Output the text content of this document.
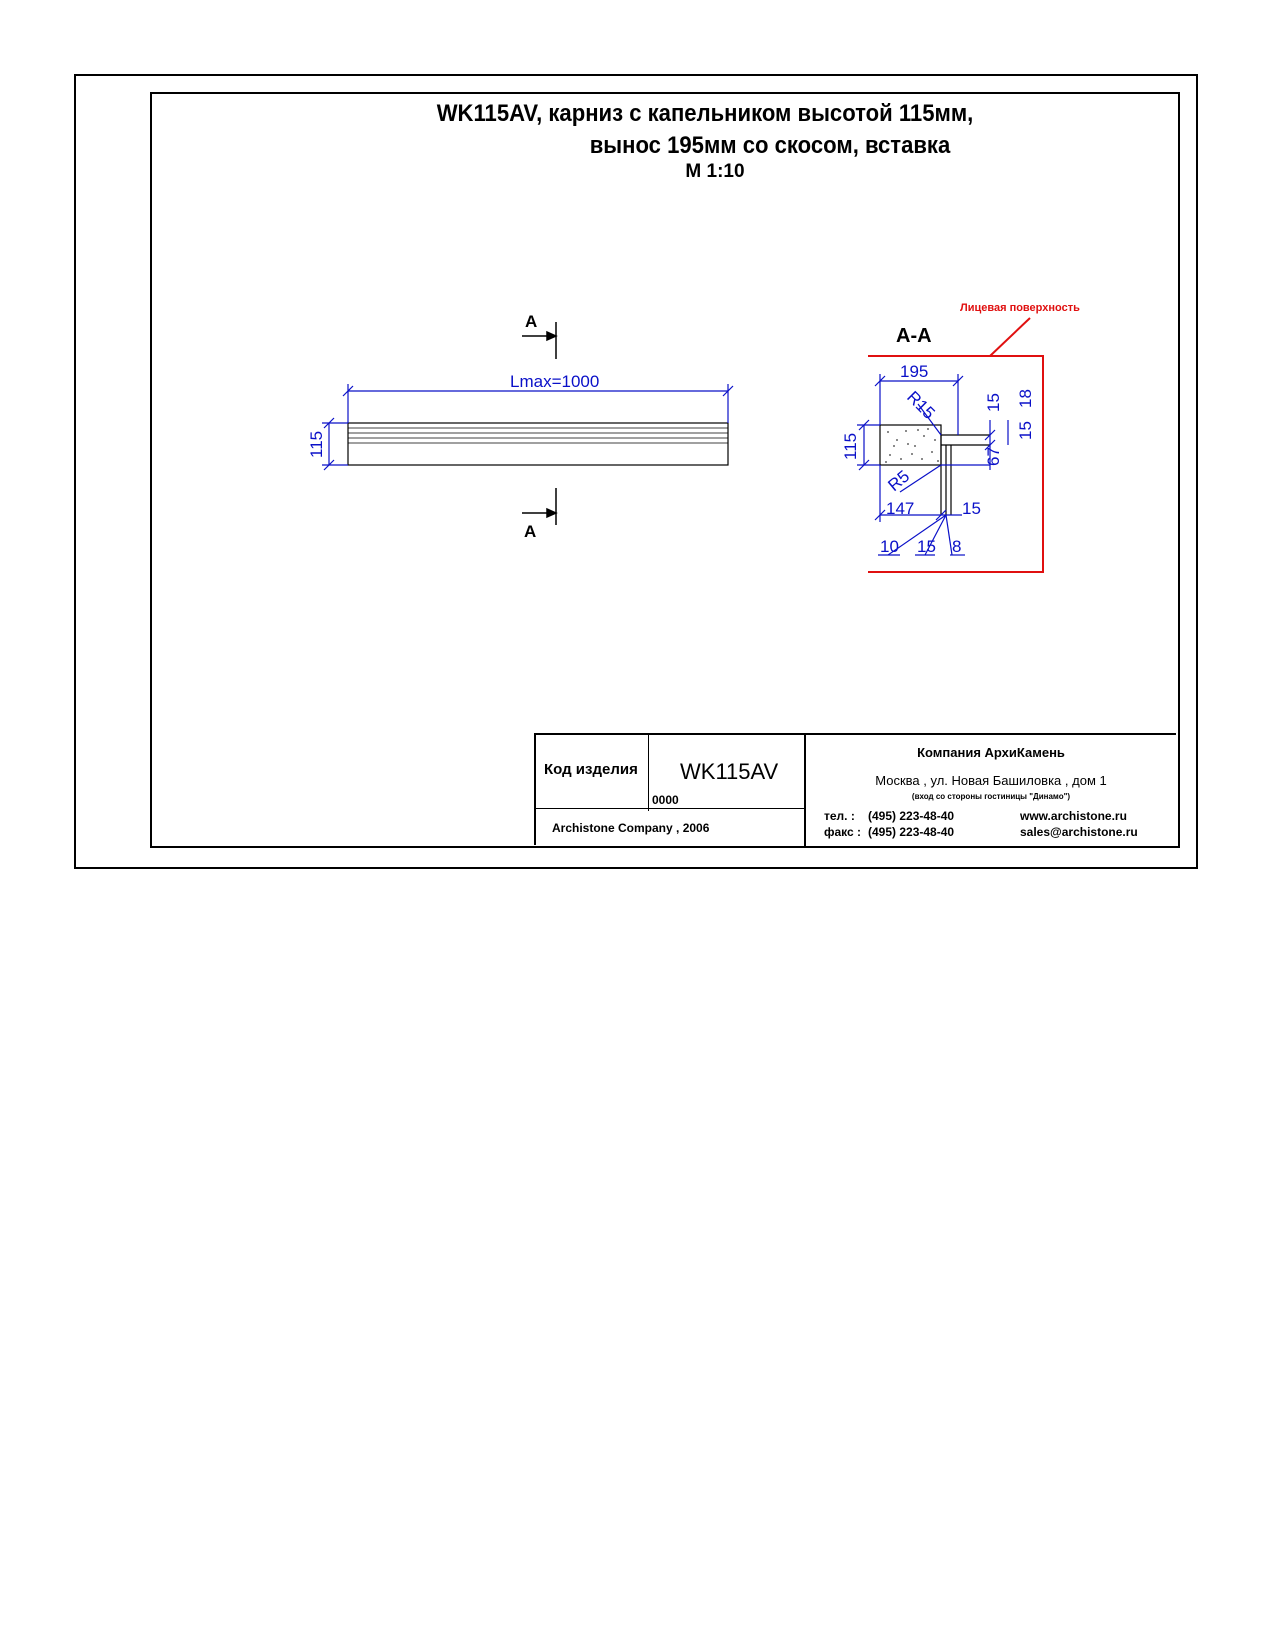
WK115AV, карниз с капельником высотой 115мм,
вынос 195мм со скосом, вставка
М 1:10
А
А
Lmax=1000
115
А-А
Лицевая поверхность
195
115
R15
R5
147
15 18
15
67
15
10 15 8
Код изделия WK115AV
0000
Archistone Company , 2006
Компания АрхиКамень
Москва , ул. Новая Башиловка , дом 1
(вход со стороны гостиницы "Динамо")
тел. : (495) 223-48-40	www.archistone.ru
факс : (495) 223-48-40	sales@archistone.ru
